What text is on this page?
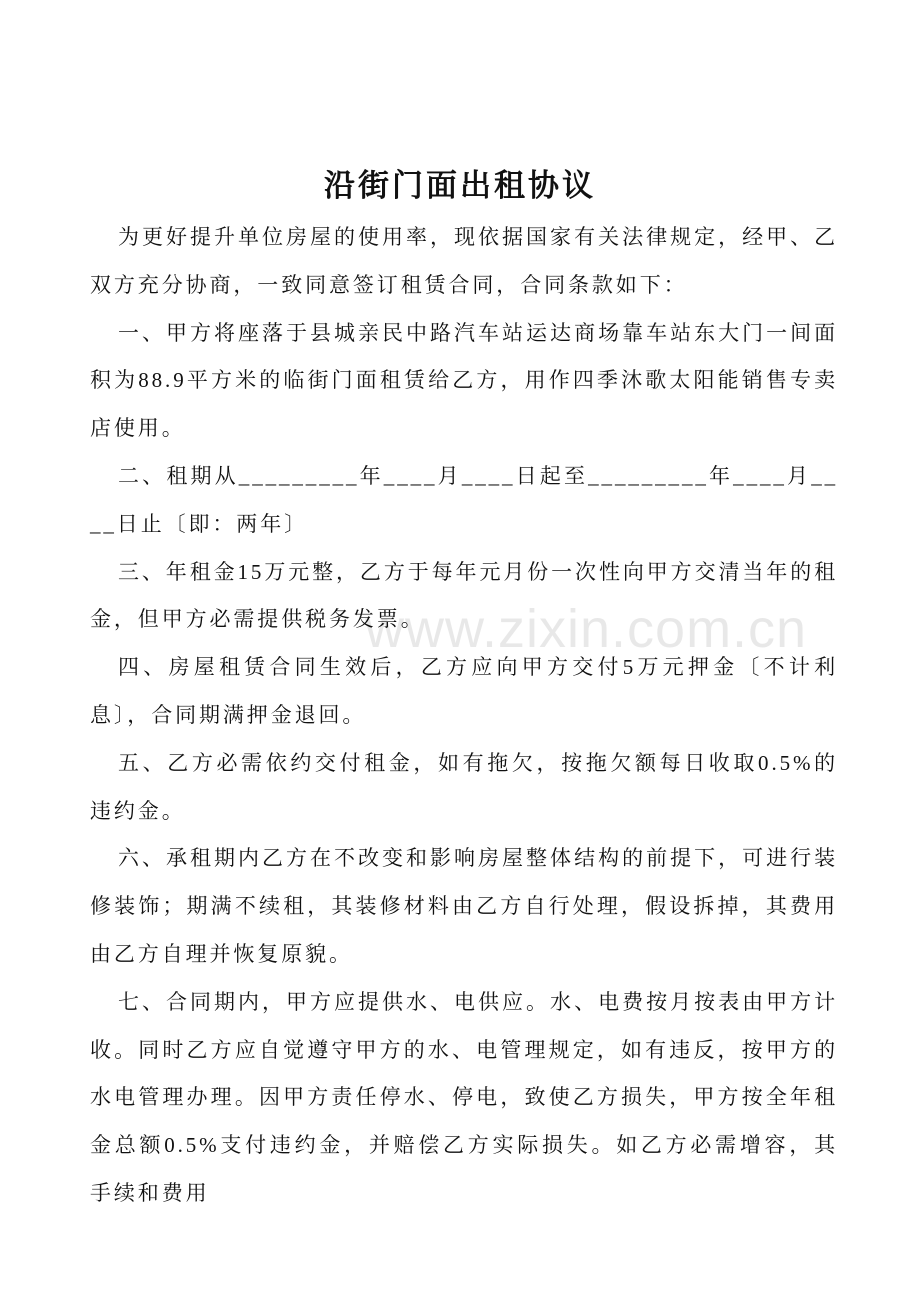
沿街门面出租协议

为更好提升单位房屋的使用率，现依据国家有关法律规定，经甲、乙双方充分协商，一致同意签订租赁合同，合同条款如下：

一、甲方将座落于县城亲民中路汽车站运达商场靠车站东大门一间面积为88.9平方米的临街门面租赁给乙方，用作四季沐歌太阳能销售专卖店使用。

二、租期从_________年____月____日起至_________年____月____日止〔即：两年〕

三、年租金15万元整，乙方于每年元月份一次性向甲方交清当年的租金，但甲方必需提供税务发票。

四、房屋租赁合同生效后，乙方应向甲方交付5万元押金〔不计利息〕，合同期满押金退回。

五、乙方必需依约交付租金，如有拖欠，按拖欠额每日收取0.5%的违约金。

六、承租期内乙方在不改变和影响房屋整体结构的前提下，可进行装修装饰；期满不续租，其装修材料由乙方自行处理，假设拆掉，其费用由乙方自理并恢复原貌。

七、合同期内，甲方应提供水、电供应。水、电费按月按表由甲方计收。同时乙方应自觉遵守甲方的水、电管理规定，如有违反，按甲方的水电管理办理。因甲方责任停水、停电，致使乙方损失，甲方按全年租金总额0.5%支付违约金，并赔偿乙方实际损失。如乙方必需增容，其手续和费用

www.zixin.com.cn
